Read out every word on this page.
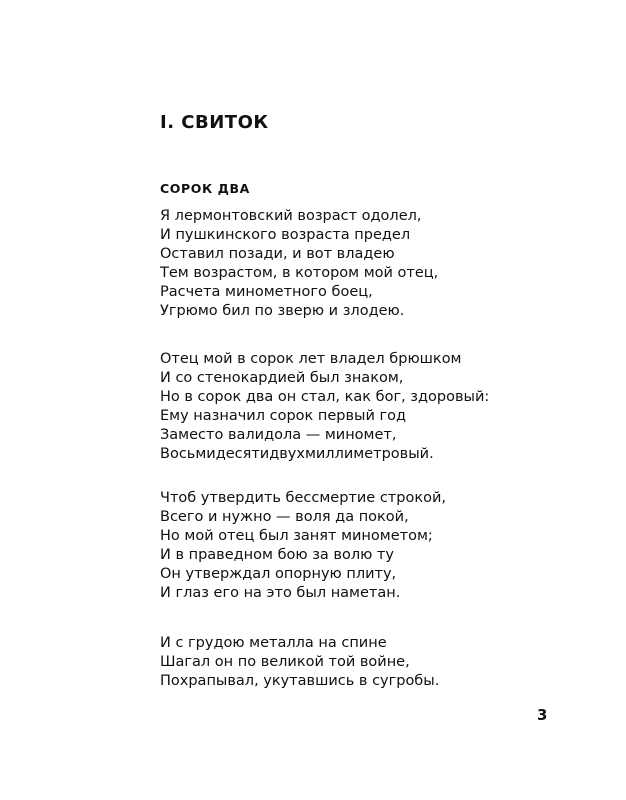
I. СВИТОК
СОРОК ДВА

Я лермонтовский возраст одолел,
И пушкинского возраста предел
Оставил позади, и вот владею
Тем возрастом, в котором мой отец,
Расчета минометного боец,
Угрюмо бил по зверю и злодею.

Отец мой в сорок лет владел брюшком
И со стенокардией был знаком,
Но в сорок два он стал, как бог, здоровый:
Ему назначил сорок первый год
Заместо валидола — миномет,
Восьмидесятидвухмиллиметровый.

Чтоб утвердить бессмертие строкой,
Всего и нужно — воля да покой,
Но мой отец был занят минометом;
И в праведном бою за волю ту
Он утверждал опорную плиту,
И глаз его на это был наметан.

И с грудою металла на спине
Шагал он по великой той войне,
Похрапывал, укутавшись в сугробы.

3
